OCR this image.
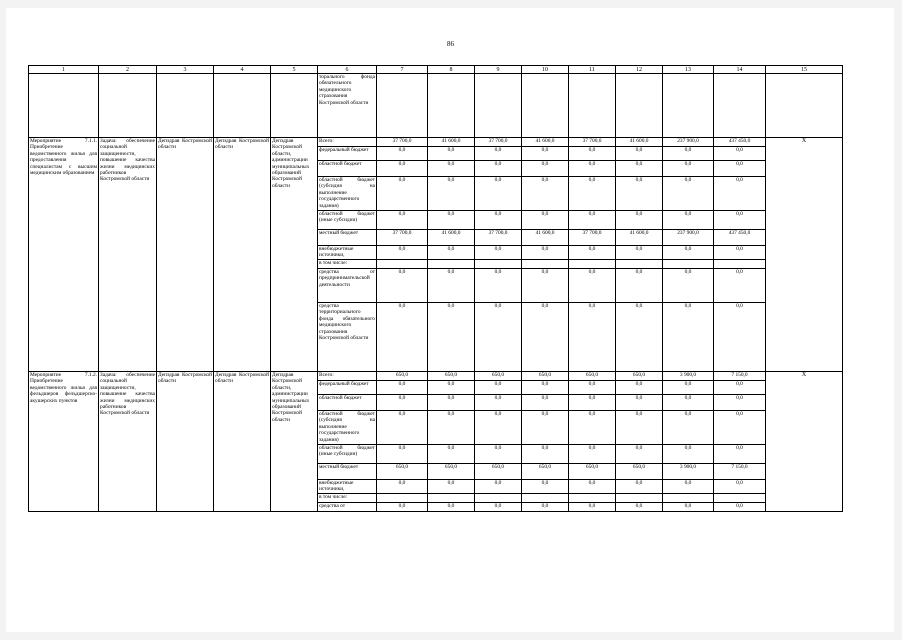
86
1	2	3	4	5	6	7	8	9	10	11	12	13	14	15
					торального фонда обязательного медицинского страхования Костромской области									
Мероприятие 7.1.1. Приобретение ведомственного жилья для предоставления специалистам с высшим медицинским образованием	Задача: обеспечение социальной защищенности, повышение качества жизни медицинских работников Костромской области	Депздрав Костромской области	Депздрав Костромской области	Депздрав Костромской области, администрации муниципальных образований Костромской области	Всего:	37 700,0	41 600,0	37 700,0	41 600,0	37 700,0	41 600,0	237 900,0	437 450,0	X
					федеральный бюджет	0,0	0,0	0,0	0,0	0,0	0,0	0,0	0,0	
					областной бюджет	0,0	0,0	0,0	0,0	0,0	0,0	0,0	0,0	
					областной бюджет (субсидия на выполнение государственного задания)	0,0	0,0	0,0	0,0	0,0	0,0	0,0	0,0	
					областной бюджет (иные субсидии)	0,0	0,0	0,0	0,0	0,0	0,0	0,0	0,0	
					местный бюджет	37 700,0	41 600,0	37 700,0	41 600,0	37 700,0	41 600,0	237 900,0	437 450,0	
					внебюджетные источники,	0,0	0,0	0,0	0,0	0,0	0,0	0,0	0,0	
					в том числе:									
					средства от предпринимательской деятельности	0,0	0,0	0,0	0,0	0,0	0,0	0,0	0,0	
					средства территориального фонда обязательного медицинского страхования Костромской области	0,0	0,0	0,0	0,0	0,0	0,0	0,0	0,0	
Мероприятие 7.1.2. Приобретение ведомственного жилья для фельдшеров фельдшерско-акушерских пунктов	Задача: обеспечение социальной защищенности, повышение качества жизни медицинских работников Костромской области	Депздрав Костромской области	Депздрав Костромской области	Депздрав Костромской области, администрации муниципальных образований Костромской области	Всего:	650,0	650,0	650,0	650,0	650,0	650,0	3 900,0	7 150,0	X
					федеральный бюджет	0,0	0,0	0,0	0,0	0,0	0,0	0,0	0,0	
					областной бюджет	0,0	0,0	0,0	0,0	0,0	0,0	0,0	0,0	
					областной бюджет (субсидия на выполнение государственного задания)	0,0	0,0	0,0	0,0	0,0	0,0	0,0	0,0	
					областной бюджет (иные субсидии)	0,0	0,0	0,0	0,0	0,0	0,0	0,0	0,0	
					местный бюджет	650,0	650,0	650,0	650,0	650,0	650,0	3 900,0	7 150,0	
					внебюджетные источники,	0,0	0,0	0,0	0,0	0,0	0,0	0,0	0,0	
					в том числе:									
					средства от	0,0	0,0	0,0	0,0	0,0	0,0	0,0	0,0	
